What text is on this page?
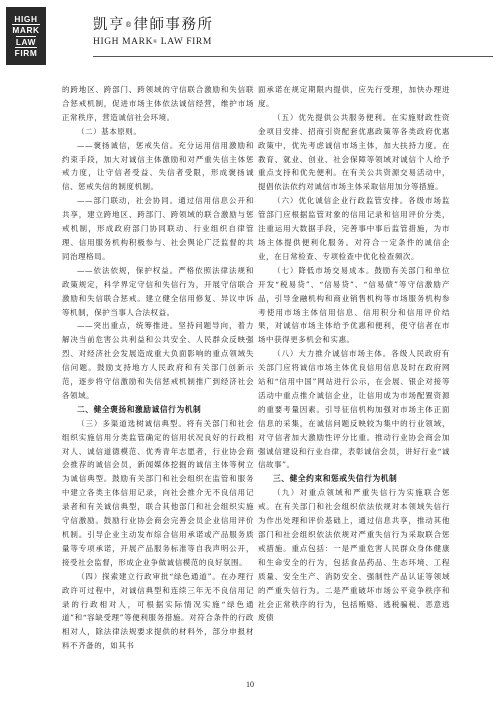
HIGH
MARK
LAW
FIRM
凱亨®律師事務所
HIGH MARK® LAW FIRM

的跨地区、跨部门、跨领域的守信联合激励和失信联合惩戒机制，促进市场主体依法诚信经营，维护市场正常秩序，营造诚信社会环境。

（二）基本原则。

——褒扬诚信，惩戒失信。充分运用信用激励和约束手段，加大对诚信主体激励和对严重失信主体惩戒力度，让守信者受益、失信者受限，形成褒扬诚信、惩戒失信的制度机制。

——部门联动，社会协同。通过信用信息公开和共享，建立跨地区、跨部门、跨领域的联合激励与惩戒机制，形成政府部门协同联动、行业组织自律管理、信用服务机构积极参与、社会舆论广泛监督的共同治理格局。

——依法依规，保护权益。严格依照法律法规和政策规定，科学界定守信和失信行为，开展守信联合激励和失信联合惩戒。建立健全信用修复、异议申诉等机制，保护当事人合法权益。

——突出重点，统筹推进。坚持问题导向，着力解决当前危害公共利益和公共安全、人民群众反映强烈、对经济社会发展造成重大负面影响的重点领域失信问题。鼓励支持地方人民政府和有关部门创新示范，逐步将守信激励和失信惩戒机制推广到经济社会各领域。

二、健全褒扬和激励诚信行为机制

（三）多渠道选树诚信典型。将有关部门和社会组织实施信用分类监管确定的信用状况良好的行政相对人、诚信道德模范、优秀青年志愿者，行业协会商会推荐的诚信会员，新闻媒体挖掘的诚信主体等树立为诚信典型。鼓励有关部门和社会组织在监管和服务中建立各类主体信用记录，向社会推介无不良信用记录者和有关诚信典型，联合其他部门和社会组织实施守信激励。鼓励行业协会商会完善会员企业信用评价机制。引导企业主动发布综合信用承诺或产品服务质量等专项承诺，开展产品服务标准等自我声明公开，接受社会监督，形成企业争做诚信模范的良好氛围。

（四）探索建立行政审批“绿色通道”。在办理行政许可过程中，对诚信典型和连续三年无不良信用记录的行政相对人，可根据实际情况实施“绿色通道”和“容缺受理”等便利服务措施。对符合条件的行政相对人，除法律法规要求提供的材料外，部分申报材料不齐备的，如其书

面承诺在规定期限内提供，应先行受理，加快办理进度。

（五）优先提供公共服务便利。在实施财政性资金项目安排、招商引资配套优惠政策等各类政府优惠政策中，优先考虑诚信市场主体，加大扶持力度。在教育、就业、创业、社会保障等领域对诚信个人给予重点支持和优先便利。在有关公共资源交易活动中，提倡依法依约对诚信市场主体采取信用加分等措施。

（六）优化诚信企业行政监管安排。各级市场监管部门应根据监管对象的信用记录和信用评价分类，注重运用大数据手段，完善事中事后监管措施，为市场主体提供便利化服务。对符合一定条件的诚信企业，在日常检查、专项检查中优化检查频次。

（七）降低市场交易成本。鼓励有关部门和单位开发“税易贷”、“信易贷”、“信易债”等守信激励产品，引导金融机构和商业销售机构等市场服务机构参考使用市场主体信用信息、信用积分和信用评价结果，对诚信市场主体给予优惠和便利，使守信者在市场中获得更多机会和实惠。

（八）大力推介诚信市场主体。各级人民政府有关部门应将诚信市场主体优良信用信息及时在政府网站和“信用中国”网站进行公示，在会展、银企对接等活动中重点推介诚信企业，让信用成为市场配置资源的重要考量因素。引导征信机构加强对市场主体正面信息的采集，在诚信问题反映较为集中的行业领域，对守信者加大激励性评分比重。推动行业协会商会加强诚信建设和行业自律，表彰诚信会员，讲好行业“诚信故事”。

三、健全约束和惩戒失信行为机制

（九）对重点领域和严重失信行为实施联合惩戒。在有关部门和社会组织依法依规对本领域失信行为作出处理和评价基础上，通过信息共享，推动其他部门和社会组织依法依规对严重失信行为采取联合惩戒措施。重点包括：一是严重危害人民群众身体健康和生命安全的行为，包括食品药品、生态环境、工程质量、安全生产、消防安全、强制性产品认证等领域的严重失信行为。二是严重破坏市场公平竞争秩序和社会正常秩序的行为，包括贿赂、逃税骗税、恶意逃废债

10
